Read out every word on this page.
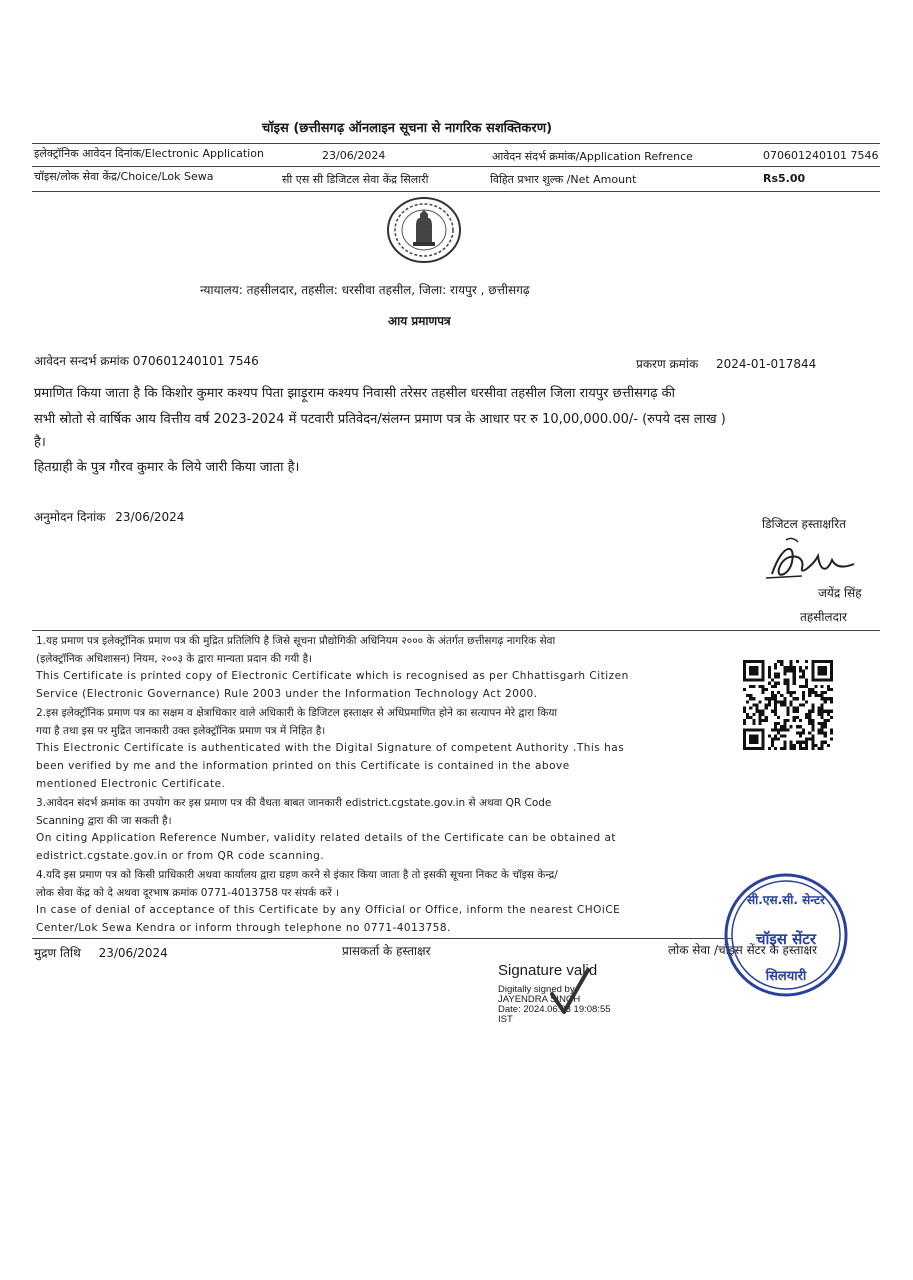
चॉइस (छत्तीसगढ़ ऑनलाइन सूचना से नागरिक सशक्तिकरण)
इलेक्ट्रॉनिक आवेदन दिनांक/Electronic Application	23/06/2024	आवेदन संदर्भ क्रमांक/Application Refrence	070601240101 7546
चॉइस/लोक सेवा केंद्र/Choice/Lok Sewa	सी एस सी डिजिटल सेवा केंद्र सिलारी	विहित प्रभार शुल्क /Net Amount	Rs5.00
न्यायालय: तहसीलदार, तहसील: धरसीवा तहसील, जिला: रायपुर , छत्तीसगढ़
आय प्रमाणपत्र
आवेदन सन्दर्भ क्रमांक 070601240101 7546	प्रकरण क्रमांक 2024-01-017844
प्रमाणित किया जाता है कि किशोर कुमार कश्यप पिता झाड़ूराम कश्यप निवासी तरेसर तहसील धरसीवा तहसील जिला रायपुर छत्तीसगढ़ की
सभी स्रोतो से वार्षिक आय वित्तीय वर्ष 2023-2024 में पटवारी प्रतिवेदन/संलग्न प्रमाण पत्र के आधार पर रु 10,00,000.00/- (रुपये दस लाख )
है।
हितग्राही के पुत्र गौरव कुमार के लिये जारी किया जाता है।
अनुमोदन दिनांक 23/06/2024	डिजिटल हस्ताक्षरित
जयेंद्र सिंह
तहसीलदार
1.यह प्रमाण पत्र इलेक्ट्रॉनिक प्रमाण पत्र की मुद्रित प्रतिलिपि है जिसे सूचना प्रौद्योगिकी अधिनियम २००० के अंतर्गत छत्तीसगढ़ नागरिक सेवा
(इलेक्ट्रॉनिक अधिशासन) नियम, २००३ के द्वारा मान्यता प्रदान की गयी है।
This Certificate is printed copy of Electronic Certificate which is recognised as per Chhattisgarh Citizen
Service (Electronic Governance) Rule 2003 under the Information Technology Act 2000.
2.इस इलेक्ट्रॉनिक प्रमाण पत्र का सक्षम व क्षेत्राधिकार वाले अधिकारी के डिजिटल हस्ताक्षर से अधिप्रमाणित होने का सत्यापन मेरे द्वारा किया
गया है तथा इस पर मुद्रित जानकारी उक्त इलेक्ट्रॉनिक प्रमाण पत्र में निहित है।
This Electronic Certificate is authenticated with the Digital Signature of competent Authority .This has
been verified by me and the information printed on this Certificate is contained in the above
mentioned Electronic Certificate.
3.आवेदन संदर्भ क्रमांक का उपयोग कर इस प्रमाण पत्र की वैधता बाबत जानकारी edistrict.cgstate.gov.in से अथवा QR Code
Scanning द्वारा की जा सकती है।
On citing Application Reference Number, validity related details of the Certificate can be obtained at
edistrict.cgstate.gov.in or from QR code scanning.
4.यदि इस प्रमाण पत्र को किसी प्राधिकारी अथवा कार्यालय द्वारा ग्रहण करने से इंकार किया जाता है तो इसकी सूचना निकट के चॉइस केन्द्र/
लोक सेवा केंद्र को दे अथवा दूरभाष क्रमांक 0771-4013758 पर संपर्क करें ।
In case of denial of acceptance of this Certificate by any Official or Office, inform the nearest CHOiCE
Center/Lok Sewa Kendra or inform through telephone no 0771-4013758.
मुद्रण तिथि 23/06/2024	प्रासकर्ता के हस्ताक्षर	लोक सेवा /चॉइस सेंटर के हस्ताक्षर
Signature valid
Digitally signed by
JAYENDRA SINGH
Date: 2024.06.23 19:08:55
IST
सी.एस.सी. सेन्टर
चॉइस सेंटर
सिलयारी
